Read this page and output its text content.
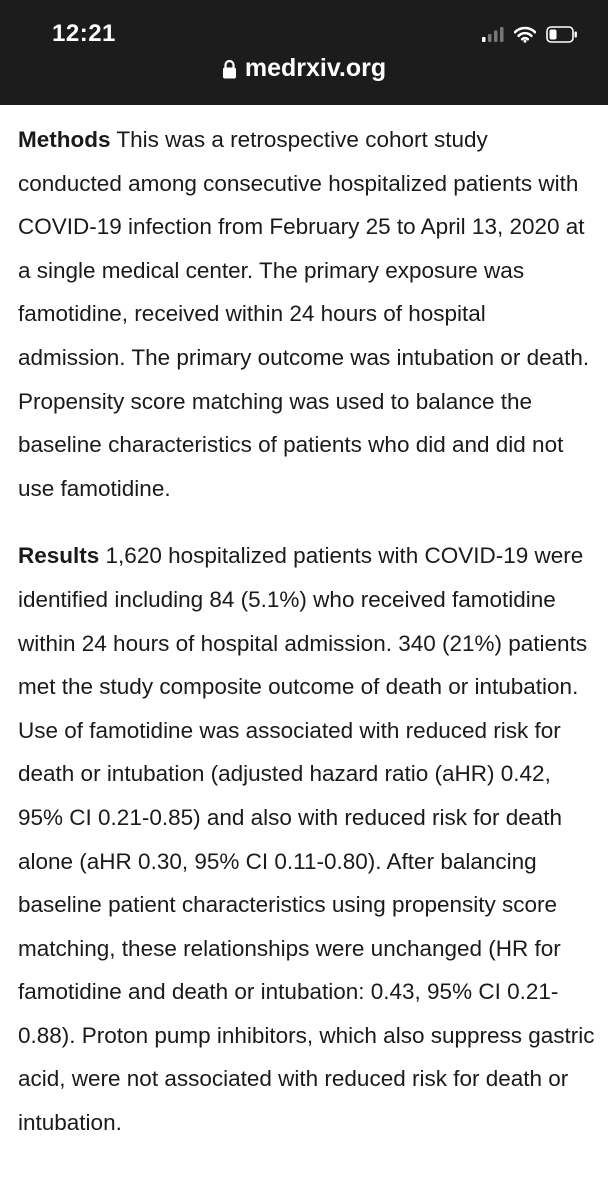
12:21
medrxiv.org

Methods This was a retrospective cohort study conducted among consecutive hospitalized patients with COVID-19 infection from February 25 to April 13, 2020 at a single medical center. The primary exposure was famotidine, received within 24 hours of hospital admission. The primary outcome was intubation or death. Propensity score matching was used to balance the baseline characteristics of patients who did and did not use famotidine.

Results 1,620 hospitalized patients with COVID-19 were identified including 84 (5.1%) who received famotidine within 24 hours of hospital admission. 340 (21%) patients met the study composite outcome of death or intubation. Use of famotidine was associated with reduced risk for death or intubation (adjusted hazard ratio (aHR) 0.42, 95% CI 0.21-0.85) and also with reduced risk for death alone (aHR 0.30, 95% CI 0.11-0.80). After balancing baseline patient characteristics using propensity score matching, these relationships were unchanged (HR for famotidine and death or intubation: 0.43, 95% CI 0.21-0.88). Proton pump inhibitors, which also suppress gastric acid, were not associated with reduced risk for death or intubation.
